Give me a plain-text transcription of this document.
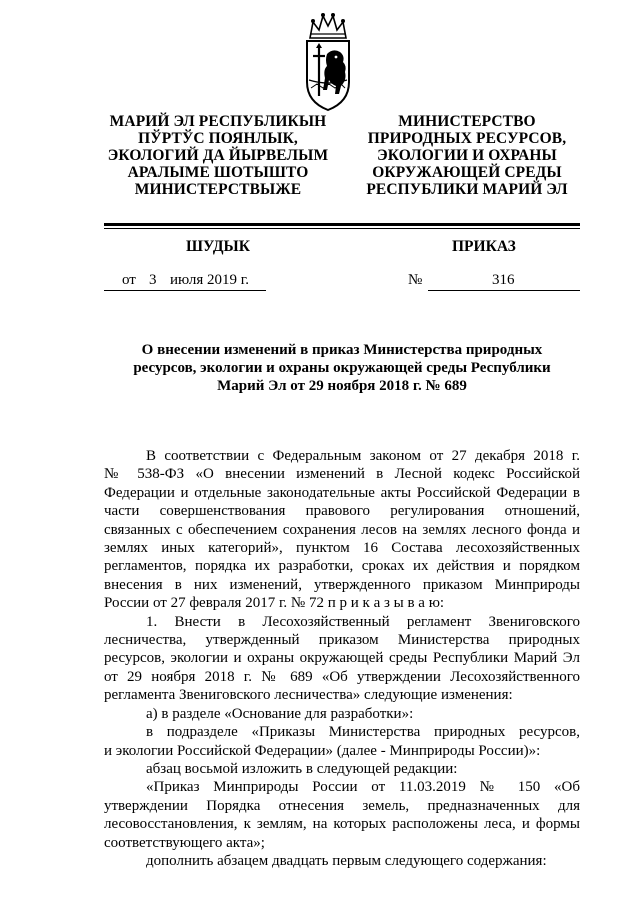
МАРИЙ ЭЛ РЕСПУБЛИКЫН
ПЎРТЎС ПОЯНЛЫК,
ЭКОЛОГИЙ ДА ЙЫРВЕЛЫМ
АРАЛЫМЕ ШОТЫШТО
МИНИСТЕРСТВЫЖЕ
МИНИСТЕРСТВО
ПРИРОДНЫХ РЕСУРСОВ,
ЭКОЛОГИИ И ОХРАНЫ
ОКРУЖАЮЩЕЙ СРЕДЫ
РЕСПУБЛИКИ МАРИЙ ЭЛ
ШУДЫК	ПРИКАЗ
от 3 июля 2019 г.	№	316
О внесении изменений в приказ Министерства природных
ресурсов, экологии и охраны окружающей среды Республики
Марий Эл от 29 ноября 2018 г. № 689
В соответствии с Федеральным законом от 27 декабря 2018 г.
№ 538-ФЗ «О внесении изменений в Лесной кодекс Российской
Федерации и отдельные законодательные акты Российской Федерации в
части совершенствования правового регулирования отношений,
связанных с обеспечением сохранения лесов на землях лесного фонда и
землях иных категорий», пунктом 16 Состава лесохозяйственных
регламентов, порядка их разработки, сроках их действия и порядком
внесения в них изменений, утвержденного приказом Минприроды
России от 27 февраля 2017 г. № 72 п р и к а з ы в а ю:
1. Внести в Лесохозяйственный регламент Звениговского
лесничества, утвержденный приказом Министерства природных
ресурсов, экологии и охраны окружающей среды Республики Марий Эл
от 29 ноября 2018 г. № 689 «Об утверждении Лесохозяйственного
регламента Звениговского лесничества» следующие изменения:
а) в разделе «Основание для разработки»:
в подразделе «Приказы Министерства природных ресурсов,
и экологии Российской Федерации» (далее - Минприроды России)»:
абзац восьмой изложить в следующей редакции:
«Приказ Минприроды России от 11.03.2019 № 150 «Об
утверждении Порядка отнесения земель, предназначенных для
лесовосстановления, к землям, на которых расположены леса, и формы
соответствующего акта»;
дополнить абзацем двадцать первым следующего содержания:
